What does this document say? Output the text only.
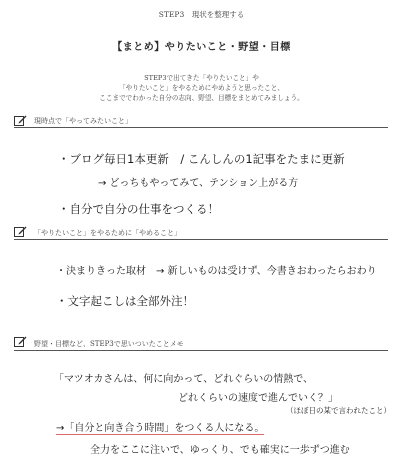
STEP3　現状を整理する
【まとめ】やりたいこと・野望・目標
STEP3で出てきた「やりたいこと」や
「やりたいこと」をやるためにやめようと思ったこと、
ここまででわかった自分の志向、野望、目標をまとめてみましょう。
現時点で「やってみたいこと」
・ブログ毎日1本更新　/ こんしんの1記事をたまに更新
→ どっちもやってみて、テンション上がる方
・自分で自分の仕事をつくる！
「やりたいこと」をやるために「やめること」
・決まりきった取材　→ 新しいものは受けず、今書きおわったらおわり
・文字起こしは全部外注！
野望・目標など、STEP3で思いついたことメモ
「マツオカさんは、何に向かって、どれぐらいの情熱で、
どれくらいの速度で進んでいく？」
（ほぼ日の某で言われたこと）
→「自分と向き合う時間」をつくる人になる。
全力をここに注いで、ゆっくり、でも確実に一歩ずつ進む
